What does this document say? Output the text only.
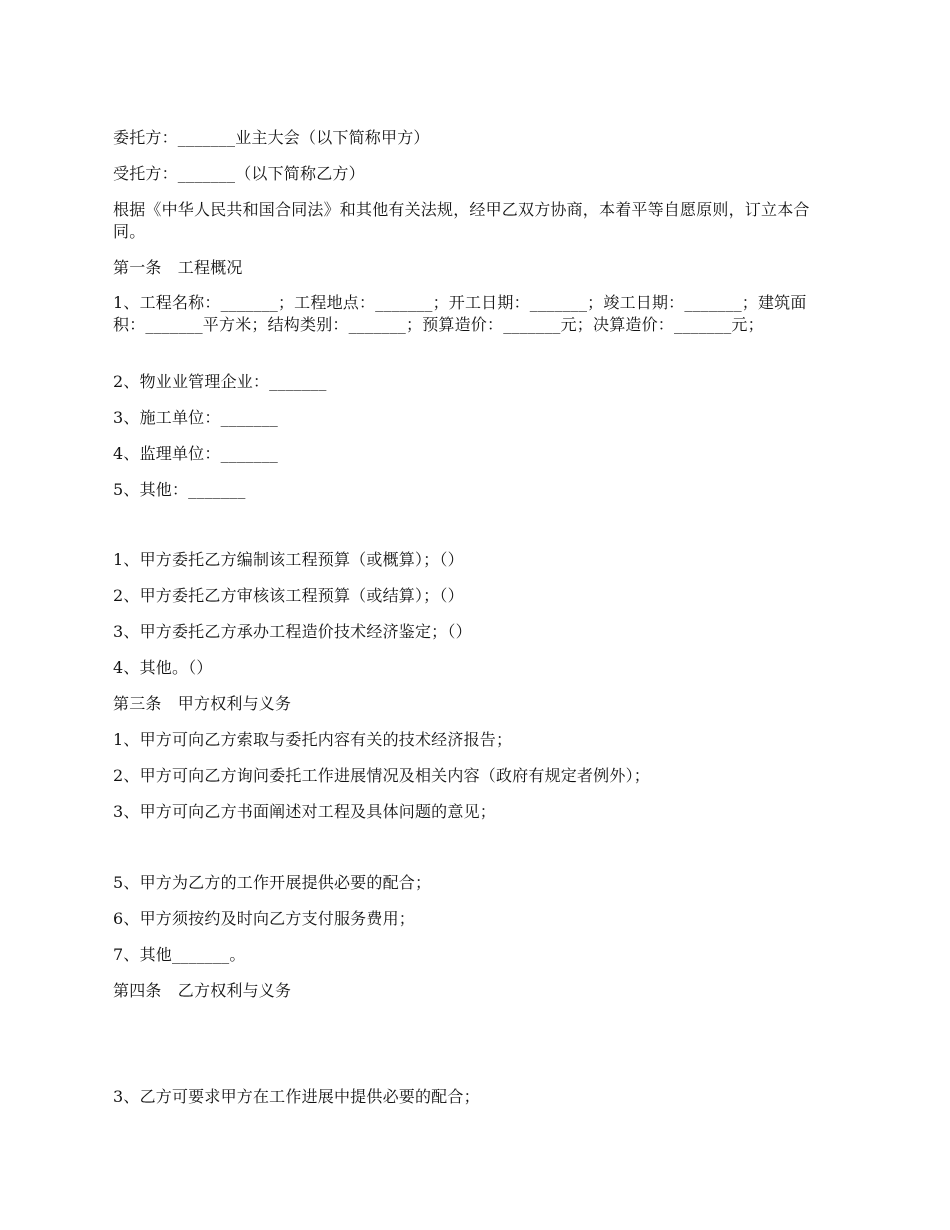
委托方：_______业主大会（以下简称甲方）
受托方：_______（以下简称乙方）
根据《中华人民共和国合同法》和其他有关法规，经甲乙双方协商，本着平等自愿原则，订立本合同。
第一条　工程概况
1、工程名称：_______；工程地点：_______；开工日期：_______；竣工日期：_______；建筑面积：_______平方米；结构类别：_______；预算造价：_______元；决算造价：_______元；
2、物业业管理企业：_______
3、施工单位：_______
4、监理单位：_______
5、其他：_______
1、甲方委托乙方编制该工程预算（或概算）；（）
2、甲方委托乙方审核该工程预算（或结算）；（）
3、甲方委托乙方承办工程造价技术经济鉴定；（）
4、其他。（）
第三条　甲方权利与义务
1、甲方可向乙方索取与委托内容有关的技术经济报告；
2、甲方可向乙方询问委托工作进展情况及相关内容（政府有规定者例外）；
3、甲方可向乙方书面阐述对工程及具体问题的意见；
5、甲方为乙方的工作开展提供必要的配合；
6、甲方须按约及时向乙方支付服务费用；
7、其他_______。
第四条　乙方权利与义务
3、乙方可要求甲方在工作进展中提供必要的配合；
